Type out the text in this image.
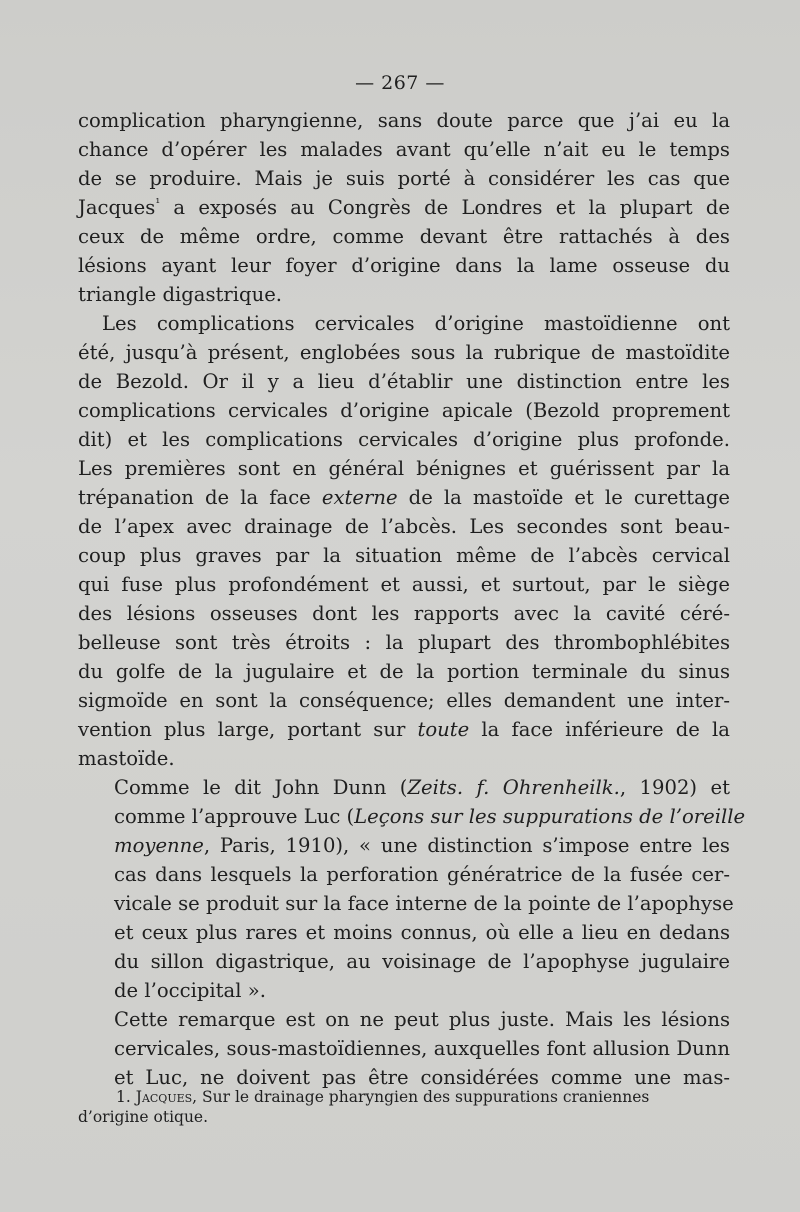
— 267 —
complication pharyngienne, sans doute parce que j’ai eu la
chance d’opérer les malades avant qu’elle n’ait eu le temps
de se produire. Mais je suis porté à considérer les cas que
Jacques$^{^1}$ a exposés au Congrès de Londres et la plupart de
ceux de même ordre, comme devant être rattachés à des
lésions ayant leur foyer d’origine dans la lame osseuse du
triangle digastrique.
Les complications cervicales d’origine mastoïdienne ont
été, jusqu’à présent, englobées sous la rubrique de mastoïdite
de Bezold. Or il y a lieu d’établir une distinction entre les
complications cervicales d’origine apicale (Bezold proprement
dit) et les complications cervicales d’origine plus profonde.
Les premières sont en général bénignes et guérissent par la
trépanation de la face externe de la mastoïde et le curettage
de l’apex avec drainage de l’abcès. Les secondes sont beau-
coup plus graves par la situation même de l’abcès cervical
qui fuse plus profondément et aussi, et surtout, par le siège
des lésions osseuses dont les rapports avec la cavité céré-
belleuse sont très étroits : la plupart des thrombophlébites
du golfe de la jugulaire et de la portion terminale du sinus
sigmoïde en sont la conséquence; elles demandent une inter-
vention plus large, portant sur toute la face inférieure de la
mastoïde.
Comme le dit John Dunn (Zeits. f. Ohrenheilk., 1902) et
comme l’approuve Luc (Leçons sur les suppurations de l’oreille
moyenne, Paris, 1910), « une distinction s’impose entre les
cas dans lesquels la perforation génératrice de la fusée cer-
vicale se produit sur la face interne de la pointe de l’apophyse
et ceux plus rares et moins connus, où elle a lieu en dedans
du sillon digastrique, au voisinage de l’apophyse jugulaire
de l’occipital ».
Cette remarque est on ne peut plus juste. Mais les lésions
cervicales, sous-mastoïdiennes, auxquelles font allusion Dunn
et Luc, ne doivent pas être considérées comme une mas-
1. Jacques, Sur le drainage pharyngien des suppurations craniennes
d’origine otique.
